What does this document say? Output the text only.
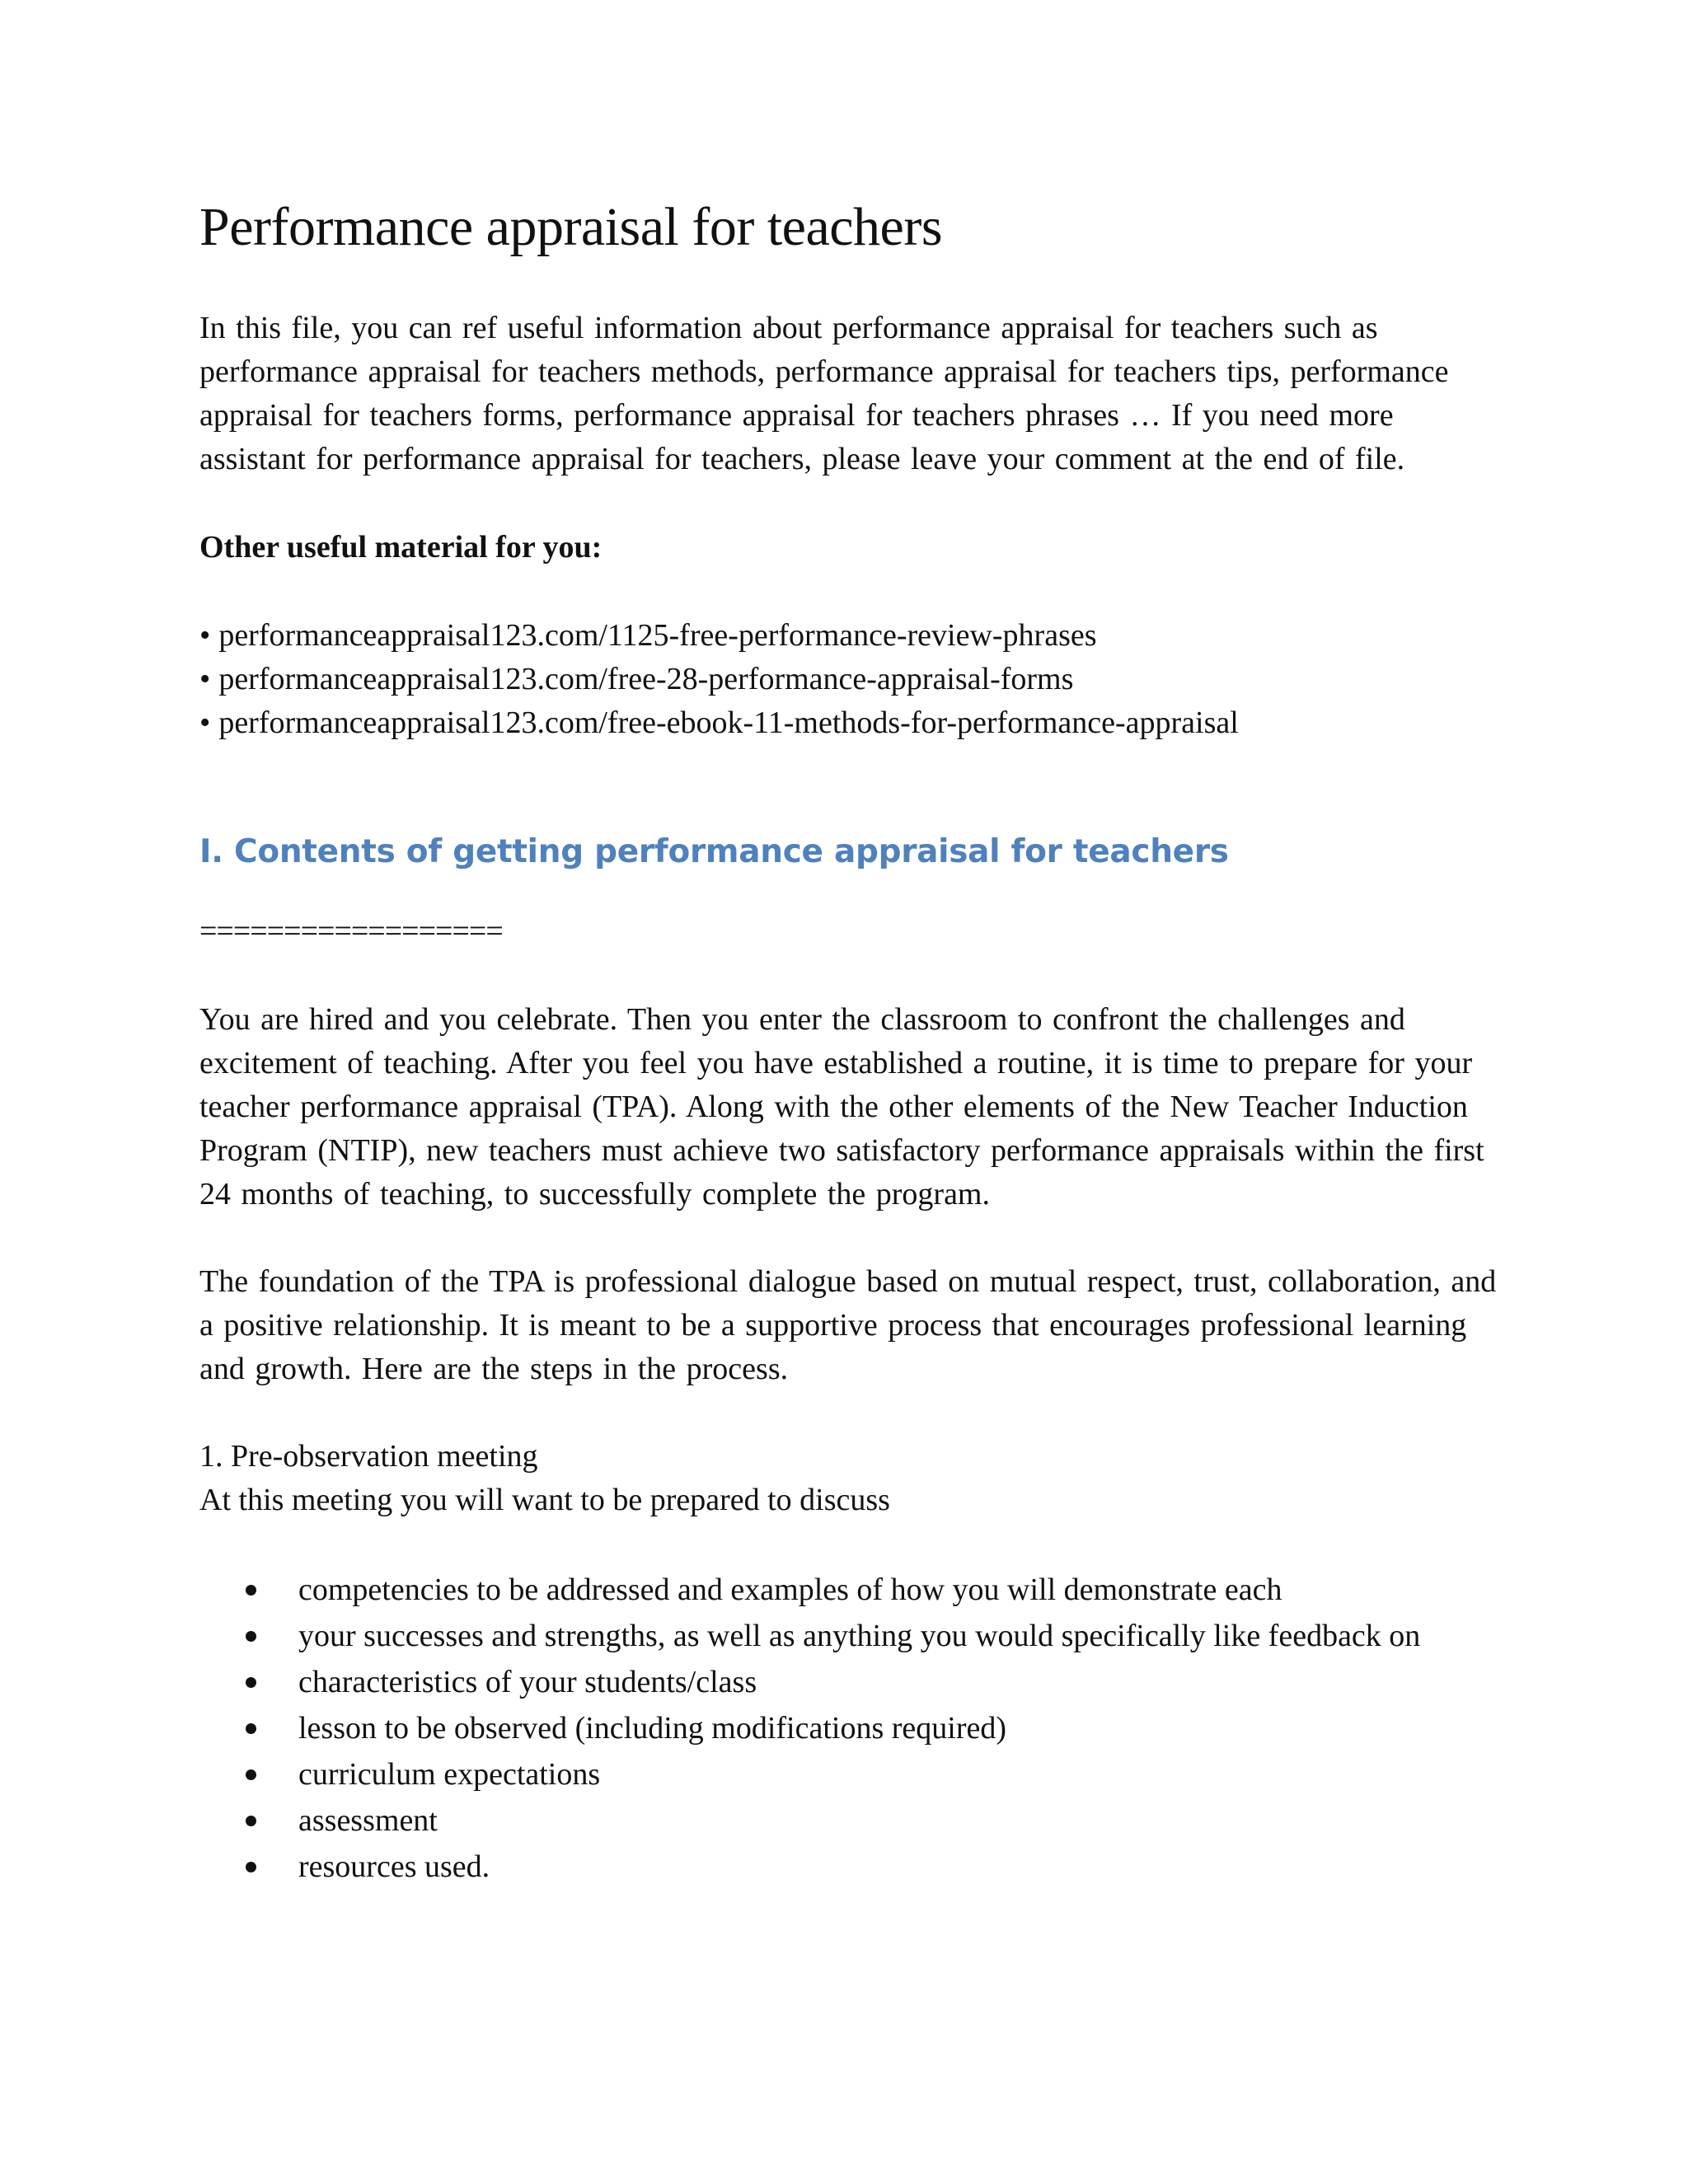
Performance appraisal for teachers

In this file, you can ref useful information about performance appraisal for teachers such as performance appraisal for teachers methods, performance appraisal for teachers tips, performance appraisal for teachers forms, performance appraisal for teachers phrases … If you need more assistant for performance appraisal for teachers, please leave your comment at the end of file.

Other useful material for you:

• performanceappraisal123.com/1125-free-performance-review-phrases
• performanceappraisal123.com/free-28-performance-appraisal-forms
• performanceappraisal123.com/free-ebook-11-methods-for-performance-appraisal
I. Contents of getting performance appraisal for teachers

==================

You are hired and you celebrate. Then you enter the classroom to confront the challenges and excitement of teaching. After you feel you have established a routine, it is time to prepare for your teacher performance appraisal (TPA). Along with the other elements of the New Teacher Induction Program (NTIP), new teachers must achieve two satisfactory performance appraisals within the first 24 months of teaching, to successfully complete the program.

The foundation of the TPA is professional dialogue based on mutual respect, trust, collaboration, and a positive relationship. It is meant to be a supportive process that encourages professional learning and growth. Here are the steps in the process.

1. Pre-observation meeting

At this meeting you will want to be prepared to discuss

competencies to be addressed and examples of how you will demonstrate each
your successes and strengths, as well as anything you would specifically like feedback on
characteristics of your students/class
lesson to be observed (including modifications required)
curriculum expectations
assessment
resources used.
